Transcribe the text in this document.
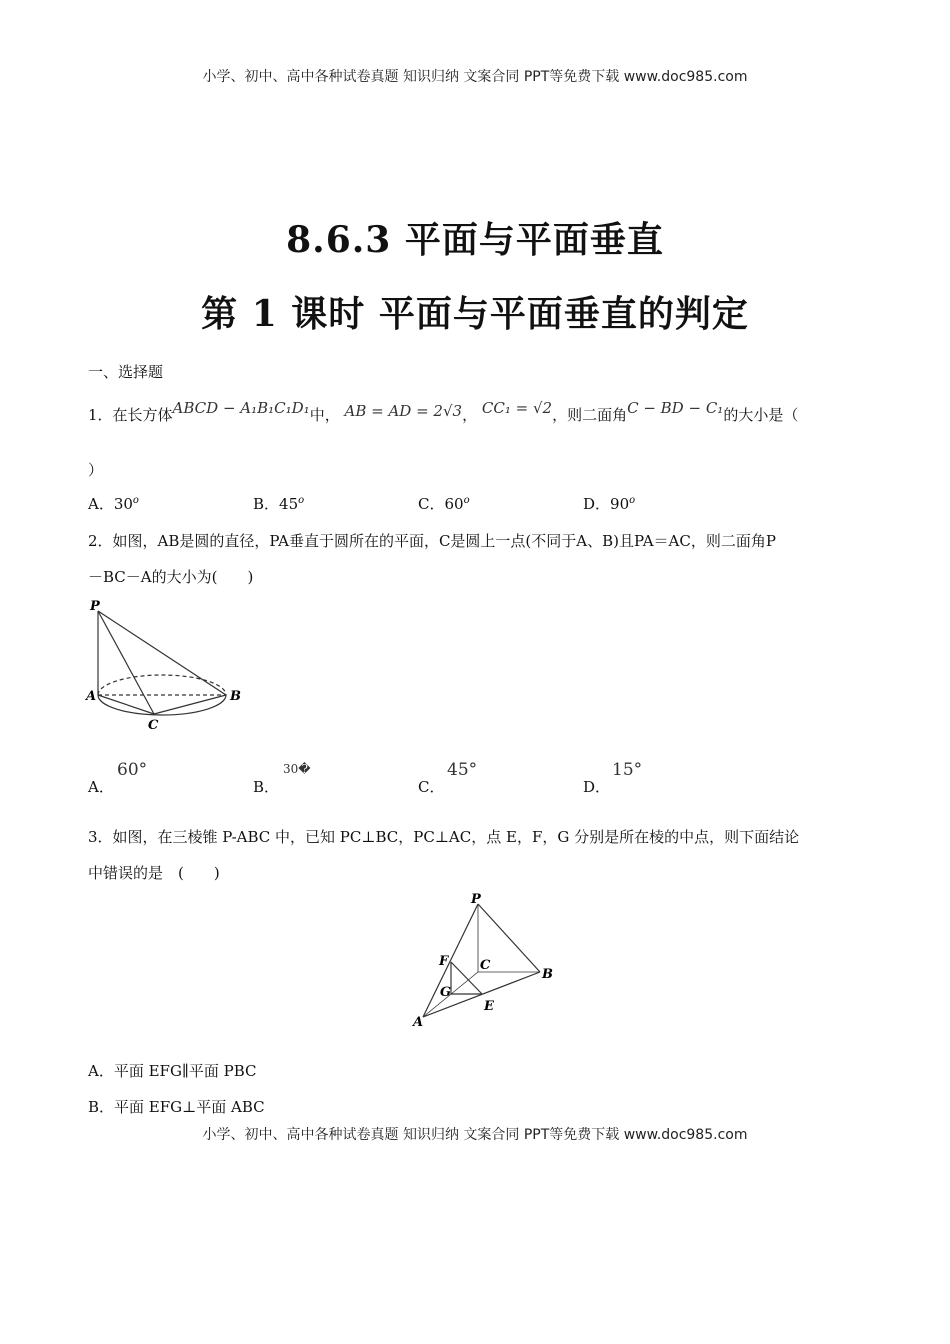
小学、初中、高中各种试卷真题 知识归纳 文案合同 PPT等免费下载 www.doc985.com
8.6.3 平面与平面垂直
第 1 课时 平面与平面垂直的判定
一、选择题
1．在长方体ABCD − A₁B₁C₁D₁中， AB = AD = 2√3， CC₁ = √2，则二面角C − BD − C₁的大小是（
）
A．30$^o$	B．45$^o$	C．60$^o$	D．90$^o$
2．如图，AB是圆的直径，PA垂直于圆所在的平面，C是圆上一点(不同于A、B)且PA＝AC，则二面角P
－BC－A的大小为(　　)
P
A	B
C
A．
60°
B．
30�
C．
45°
D．
15°
3．如图，在三棱锥 P-ABC 中，已知 PC⊥BC，PC⊥AC，点 E，F，G 分别是所在棱的中点，则下面结论
中错误的是　(　　)
P
F C
B
G
E
A
A．平面 EFG∥平面 PBC
B．平面 EFG⊥平面 ABC
小学、初中、高中各种试卷真题 知识归纳 文案合同 PPT等免费下载 www.doc985.com
